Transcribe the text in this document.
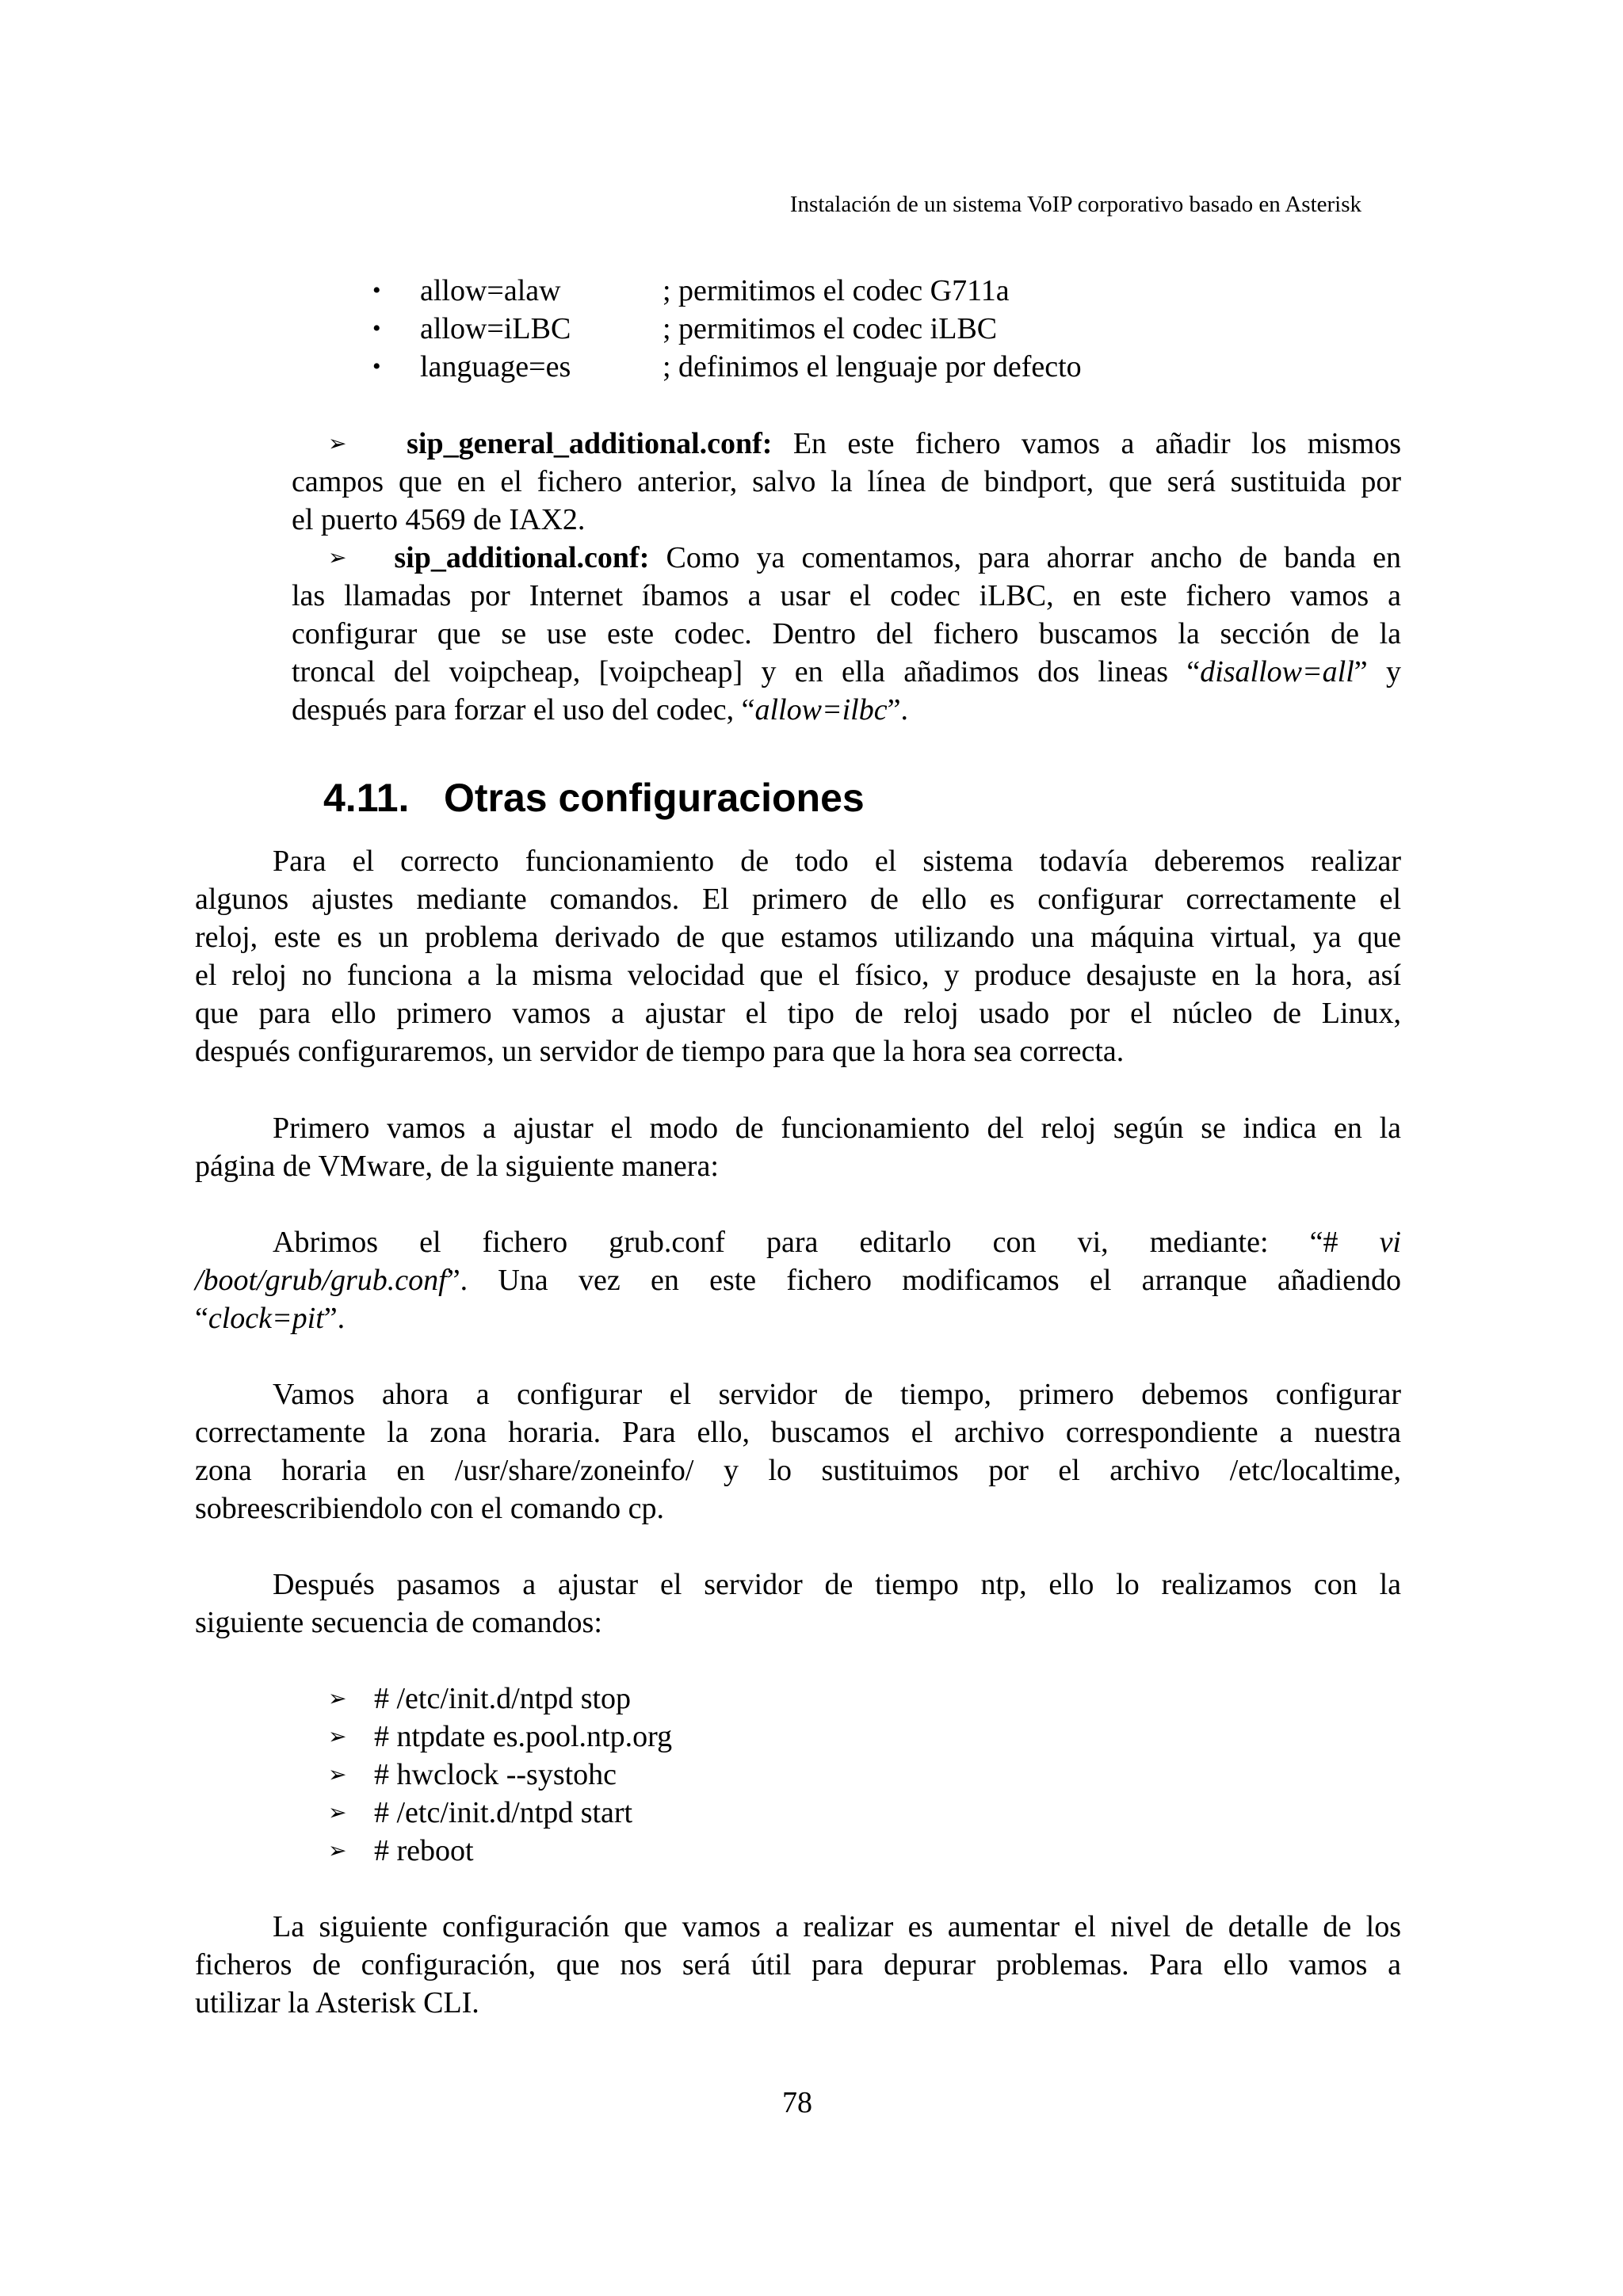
Instalación de un sistema VoIP corporativo basado en Asterisk
• allow=alaw	; permitimos el codec G711a
• allow=iLBC	; permitimos el codec iLBC
• language=es	; definimos el lenguaje por defecto
➢ sip_general_additional.conf: En este fichero vamos a añadir los mismos
campos que en el fichero anterior, salvo la línea de bindport, que será sustituida por
el puerto 4569 de IAX2.
➢ sip_additional.conf: Como ya comentamos, para ahorrar ancho de banda en
las llamadas por Internet íbamos a usar el codec iLBC, en este fichero vamos a
configurar que se use este codec. Dentro del fichero buscamos la sección de la
troncal del voipcheap, [voipcheap] y en ella añadimos dos lineas “disallow=all” y
después para forzar el uso del codec, “allow=ilbc”.
4.11. Otras configuraciones
Para el correcto funcionamiento de todo el sistema todavía deberemos realizar
algunos ajustes mediante comandos. El primero de ello es configurar correctamente el
reloj, este es un problema derivado de que estamos utilizando una máquina virtual, ya que
el reloj no funciona a la misma velocidad que el físico, y produce desajuste en la hora, así
que para ello primero vamos a ajustar el tipo de reloj usado por el núcleo de Linux,
después configuraremos, un servidor de tiempo para que la hora sea correcta.
Primero vamos a ajustar el modo de funcionamiento del reloj según se indica en la
página de VMware, de la siguiente manera:
Abrimos el fichero grub.conf para editarlo con vi, mediante: “# vi
/boot/grub/grub.conf”. Una vez en este fichero modificamos el arranque añadiendo
“clock=pit”.
Vamos ahora a configurar el servidor de tiempo, primero debemos configurar
correctamente la zona horaria. Para ello, buscamos el archivo correspondiente a nuestra
zona horaria en /usr/share/zoneinfo/ y lo sustituimos por el archivo /etc/localtime,
sobreescribiendolo con el comando cp.
Después pasamos a ajustar el servidor de tiempo ntp, ello lo realizamos con la
siguiente secuencia de comandos:
➢ # /etc/init.d/ntpd stop
➢ # ntpdate es.pool.ntp.org
➢ # hwclock --systohc
➢ # /etc/init.d/ntpd start
➢ # reboot
La siguiente configuración que vamos a realizar es aumentar el nivel de detalle de los
ficheros de configuración, que nos será útil para depurar problemas. Para ello vamos a
utilizar la Asterisk CLI.
78
